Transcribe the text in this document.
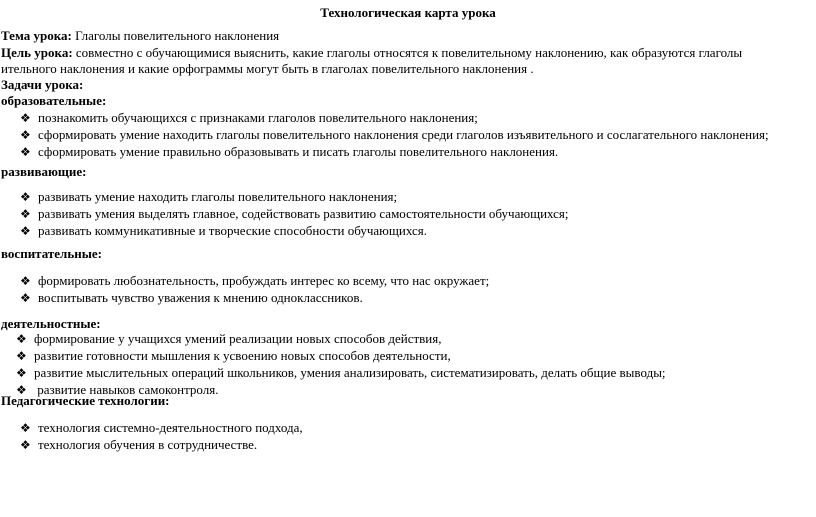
Технологическая карта урока
Тема урока: Глаголы повелительного наклонения
Цель урока: совместно с обучающимися выяснить, какие глаголы относятся к повелительному наклонению, как образуются глаголы
ительного наклонения и какие орфограммы могут быть в глаголах повелительного наклонения .
Задачи урока:
образовательные:
❖ познакомить обучающихся с признаками глаголов повелительного наклонения;
❖ сформировать умение находить глаголы повелительного наклонения среди глаголов изъявительного и сослагательного наклонения;
❖ сформировать умение правильно образовывать и писать глаголы повелительного наклонения.
развивающие:
❖ развивать умение находить глаголы повелительного наклонения;
❖ развивать умения выделять главное, содействовать развитию самостоятельности обучающихся;
❖ развивать коммуникативные и творческие способности обучающихся.
воспитательные:
❖ формировать любознательность, пробуждать интерес ко всему, что нас окружает;
❖ воспитывать чувство уважения к мнению одноклассников.
деятельностные:
❖ формирование у учащихся умений реализации новых способов действия,
❖ развитие готовности мышления к усвоению новых способов деятельности,
❖ развитие мыслительных операций школьников, умения анализировать, систематизировать, делать общие выводы;
❖ развитие навыков самоконтроля.
Педагогические технологии:
❖ технология системно-деятельностного подхода,
❖ технология обучения в сотрудничестве.
